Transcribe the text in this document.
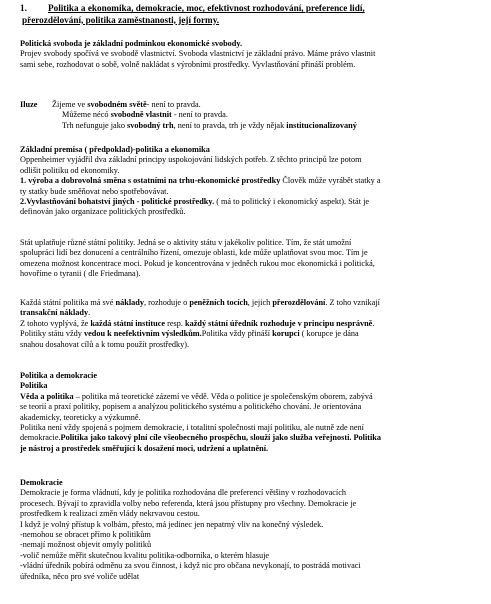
1. Politika a ekonomika, demokracie, moc, efektivnost rozhodování, preference lidí,
přerozdělování, politika zaměstnanosti, její formy.
Politická svoboda je základní podmínkou ekonomické svobody.
Projev svobody spočívá ve svobodě vlastnictví. Svoboda vlastnictví je základní právo. Máme právo vlastnit
sami sebe, rozhodovat o sobě, volně nakládat s výrobními prostředky. Vyvlastňování přináší problém.
Iluze Žijeme ve svobodném světě- není to pravda.
Můžeme nécó svobodně vlastnit - není to pravda.
Trh nefunguje jako svobodný trh, není to pravda, trh je vždy nějak institucionalizovaný
Základní premisa ( předpoklad)-politika a ekonomika
Oppenheimer vyjádřil dva základní principy uspokojování lidských potřeb. Z těchto principů lze potom
odlišit politiku od ekonomiky.
1. výroba a dobrovolná směna s ostatními na trhu-ekonomické prostředky Člověk může vyrábět statky a
ty statky bude směňovat nebo spotřebovávat.
2.Vyvlastňování bohatství jiných - politické prostředky. ( má to politický i ekonomický aspekt). Stát je
definován jako organizace politických prostředků.
Stát uplatňuje různé státní politiky. Jedná se o aktivity státu v jakékoliv politice. Tím, že stát umožní
spolupráci lidí bez donucení a centrálního řízení, omezuje oblasti, kde může uplatňovat svou moc. Tím je
omezena možnost koncentrace moci. Pokud je koncentrována v jedněch rukou moc ekonomická i politická,
hovoříme o tyranii ( dle Friedmana).
Každá státní politika má své náklady, rozhoduje o peněžních tocích, jejich přerozdělování. Z toho vznikají
transakční náklady.
Z tohoto vyplývá, že každá státní instituce resp. každý státní úředník rozhoduje v principu nesprávně.
Politiky státu vždy vedou k neefektivním výsledkům.Politika vždy přináší korupci ( korupce je dána
snahou dosahovat cílů a k tomu použít prostředky).
Politika a demokracie
Politika
Věda a politika – politika má teoretické zázemí ve vědě. Věda o politice je společenským oborem, zabývá
se teorií a praxí politiky, popisem a analýzou politického systému a politického chování. Je orientována
akademicky, teoreticky a výzkumně.
Politika není vždy spojená s pojmem demokracie, i totalitní společnosti mají politiku, ale nutně zde není
demokracie.Politika jako takový plní cíle všeobecného prospěchu, slouží jako služba veřejnosti. Politika
je nástroj a prostředek směřující k dosažení moci, udržení a uplatnění.
Demokracie
Demokracie je forma vládnutí, kdy je politika rozhodována dle preferencí většiny v rozhodovacích
procesech. Bývají to zpravidla volby nebo referenda, která jsou přístupny pro všechny. Demokracie je
prostředkem k realizaci změn vlády nekrvavou cestou.
I když je volný přístup k volbám, přesto, má jedinec jen nepatrný vliv na konečný výsledek.
-nemohou se obracet přímo k politikům
-nemají možnost objevit omyly politiků
-volič nemůže měřit skutečnou kvalitu politika-odborníka, o kterém hlasuje
-vládní úředník pobírá odměnu za svou činnost, i když nic pro občana nevykonají, to postrádá motivaci
úředníka, něco pro své voliče udělat
